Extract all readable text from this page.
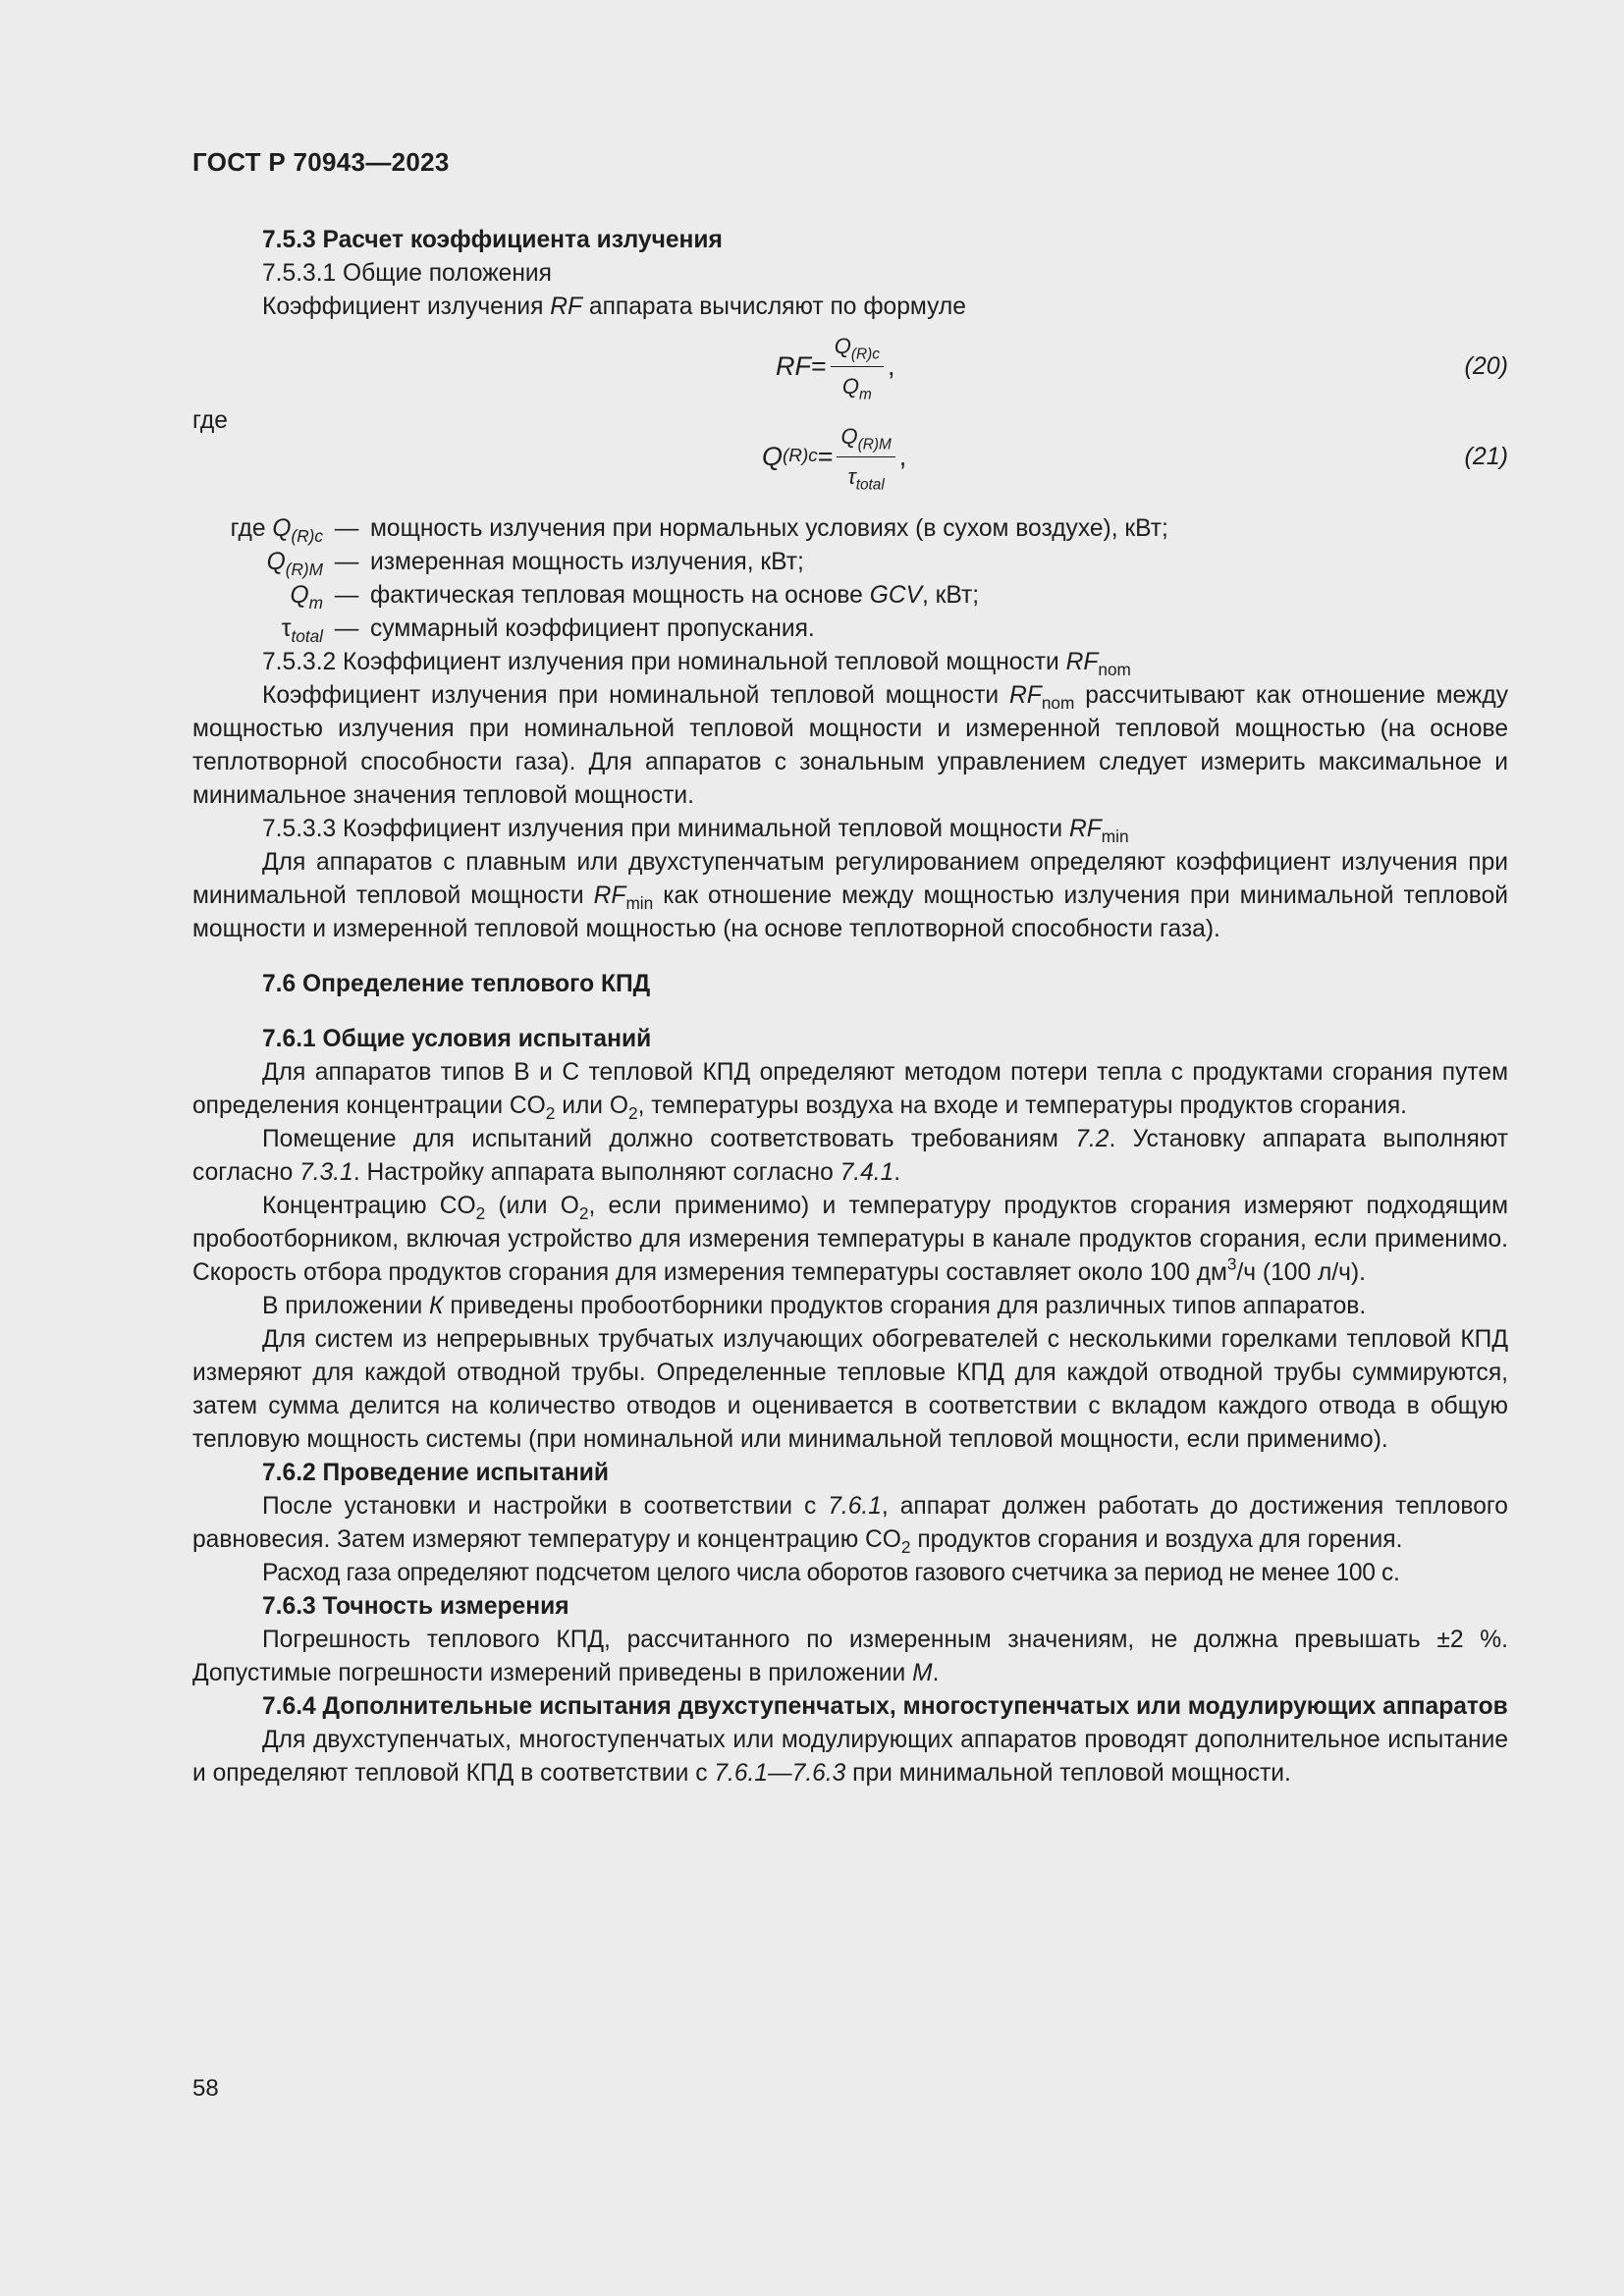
ГОСТ Р 70943—2023

7.5.3 Расчет коэффициента излучения

7.5.3.1 Общие положения

Коэффициент излучения RF аппарата вычисляют по формуле

RF = $\frac{Q_{(R)c}}{Q_m}$ ,	(20)

где

Q $(R)c = \frac{Q_{(R)M}}{\tau_{total}}$ ,	(21)
где $Q_{(R)c}$ — мощность излучения при нормальных условиях (в сухом воздухе), кВт;
$Q_{(R)M}$ — измеренная мощность излучения, кВт;
$Q_m$ — фактическая тепловая мощность на основе GCV, кВт;
$\tau_{total}$ — суммарный коэффициент пропускания.

7.5.3.2 Коэффициент излучения при номинальной тепловой мощности $RF_{nom}$

Коэффициент излучения при номинальной тепловой мощности $RF_{nom}$ рассчитывают как отношение между мощностью излучения при номинальной тепловой мощности и измеренной тепловой мощностью (на основе теплотворной способности газа). Для аппаратов с зональным управлением следует измерить максимальное и минимальное значения тепловой мощности.

7.5.3.3 Коэффициент излучения при минимальной тепловой мощности $RF_{min}$

Для аппаратов с плавным или двухступенчатым регулированием определяют коэффициент излучения при минимальной тепловой мощности $RF_{min}$ как отношение между мощностью излучения при минимальной тепловой мощности и измеренной тепловой мощностью (на основе теплотворной способности газа).

7.6 Определение теплового КПД

7.6.1 Общие условия испытаний

Для аппаратов типов В и С тепловой КПД определяют методом потери тепла с продуктами сгорания путем определения концентрации $CO_2$ или $O_2$, температуры воздуха на входе и температуры продуктов сгорания.

Помещение для испытаний должно соответствовать требованиям 7.2. Установку аппарата выполняют согласно 7.3.1. Настройку аппарата выполняют согласно 7.4.1.

Концентрацию $CO_2$ (или $O_2$, если применимо) и температуру продуктов сгорания измеряют подходящим пробоотборником, включая устройство для измерения температуры в канале продуктов сгорания, если применимо. Скорость отбора продуктов сгорания для измерения температуры составляет около 100 $дм^3/ч$ (100 л/ч).

В приложении К приведены пробоотборники продуктов сгорания для различных типов аппаратов.

Для систем из непрерывных трубчатых излучающих обогревателей с несколькими горелками тепловой КПД измеряют для каждой отводной трубы. Определенные тепловые КПД для каждой отводной трубы суммируются, затем сумма делится на количество отводов и оценивается в соответствии с вкладом каждого отвода в общую тепловую мощность системы (при номинальной или минимальной тепловой мощности, если применимо).

7.6.2 Проведение испытаний

После установки и настройки в соответствии с 7.6.1, аппарат должен работать до достижения теплового равновесия. Затем измеряют температуру и концентрацию $CO_2$ продуктов сгорания и воздуха для горения.

Расход газа определяют подсчетом целого числа оборотов газового счетчика за период не менее 100 с.

7.6.3 Точность измерения

Погрешность теплового КПД, рассчитанного по измеренным значениям, не должна превышать ±2 %. Допустимые погрешности измерений приведены в приложении М.

7.6.4 Дополнительные испытания двухступенчатых, многоступенчатых или модулирующих аппаратов

Для двухступенчатых, многоступенчатых или модулирующих аппаратов проводят дополнительное испытание и определяют тепловой КПД в соответствии с 7.6.1—7.6.3 при минимальной тепловой мощности.

58
